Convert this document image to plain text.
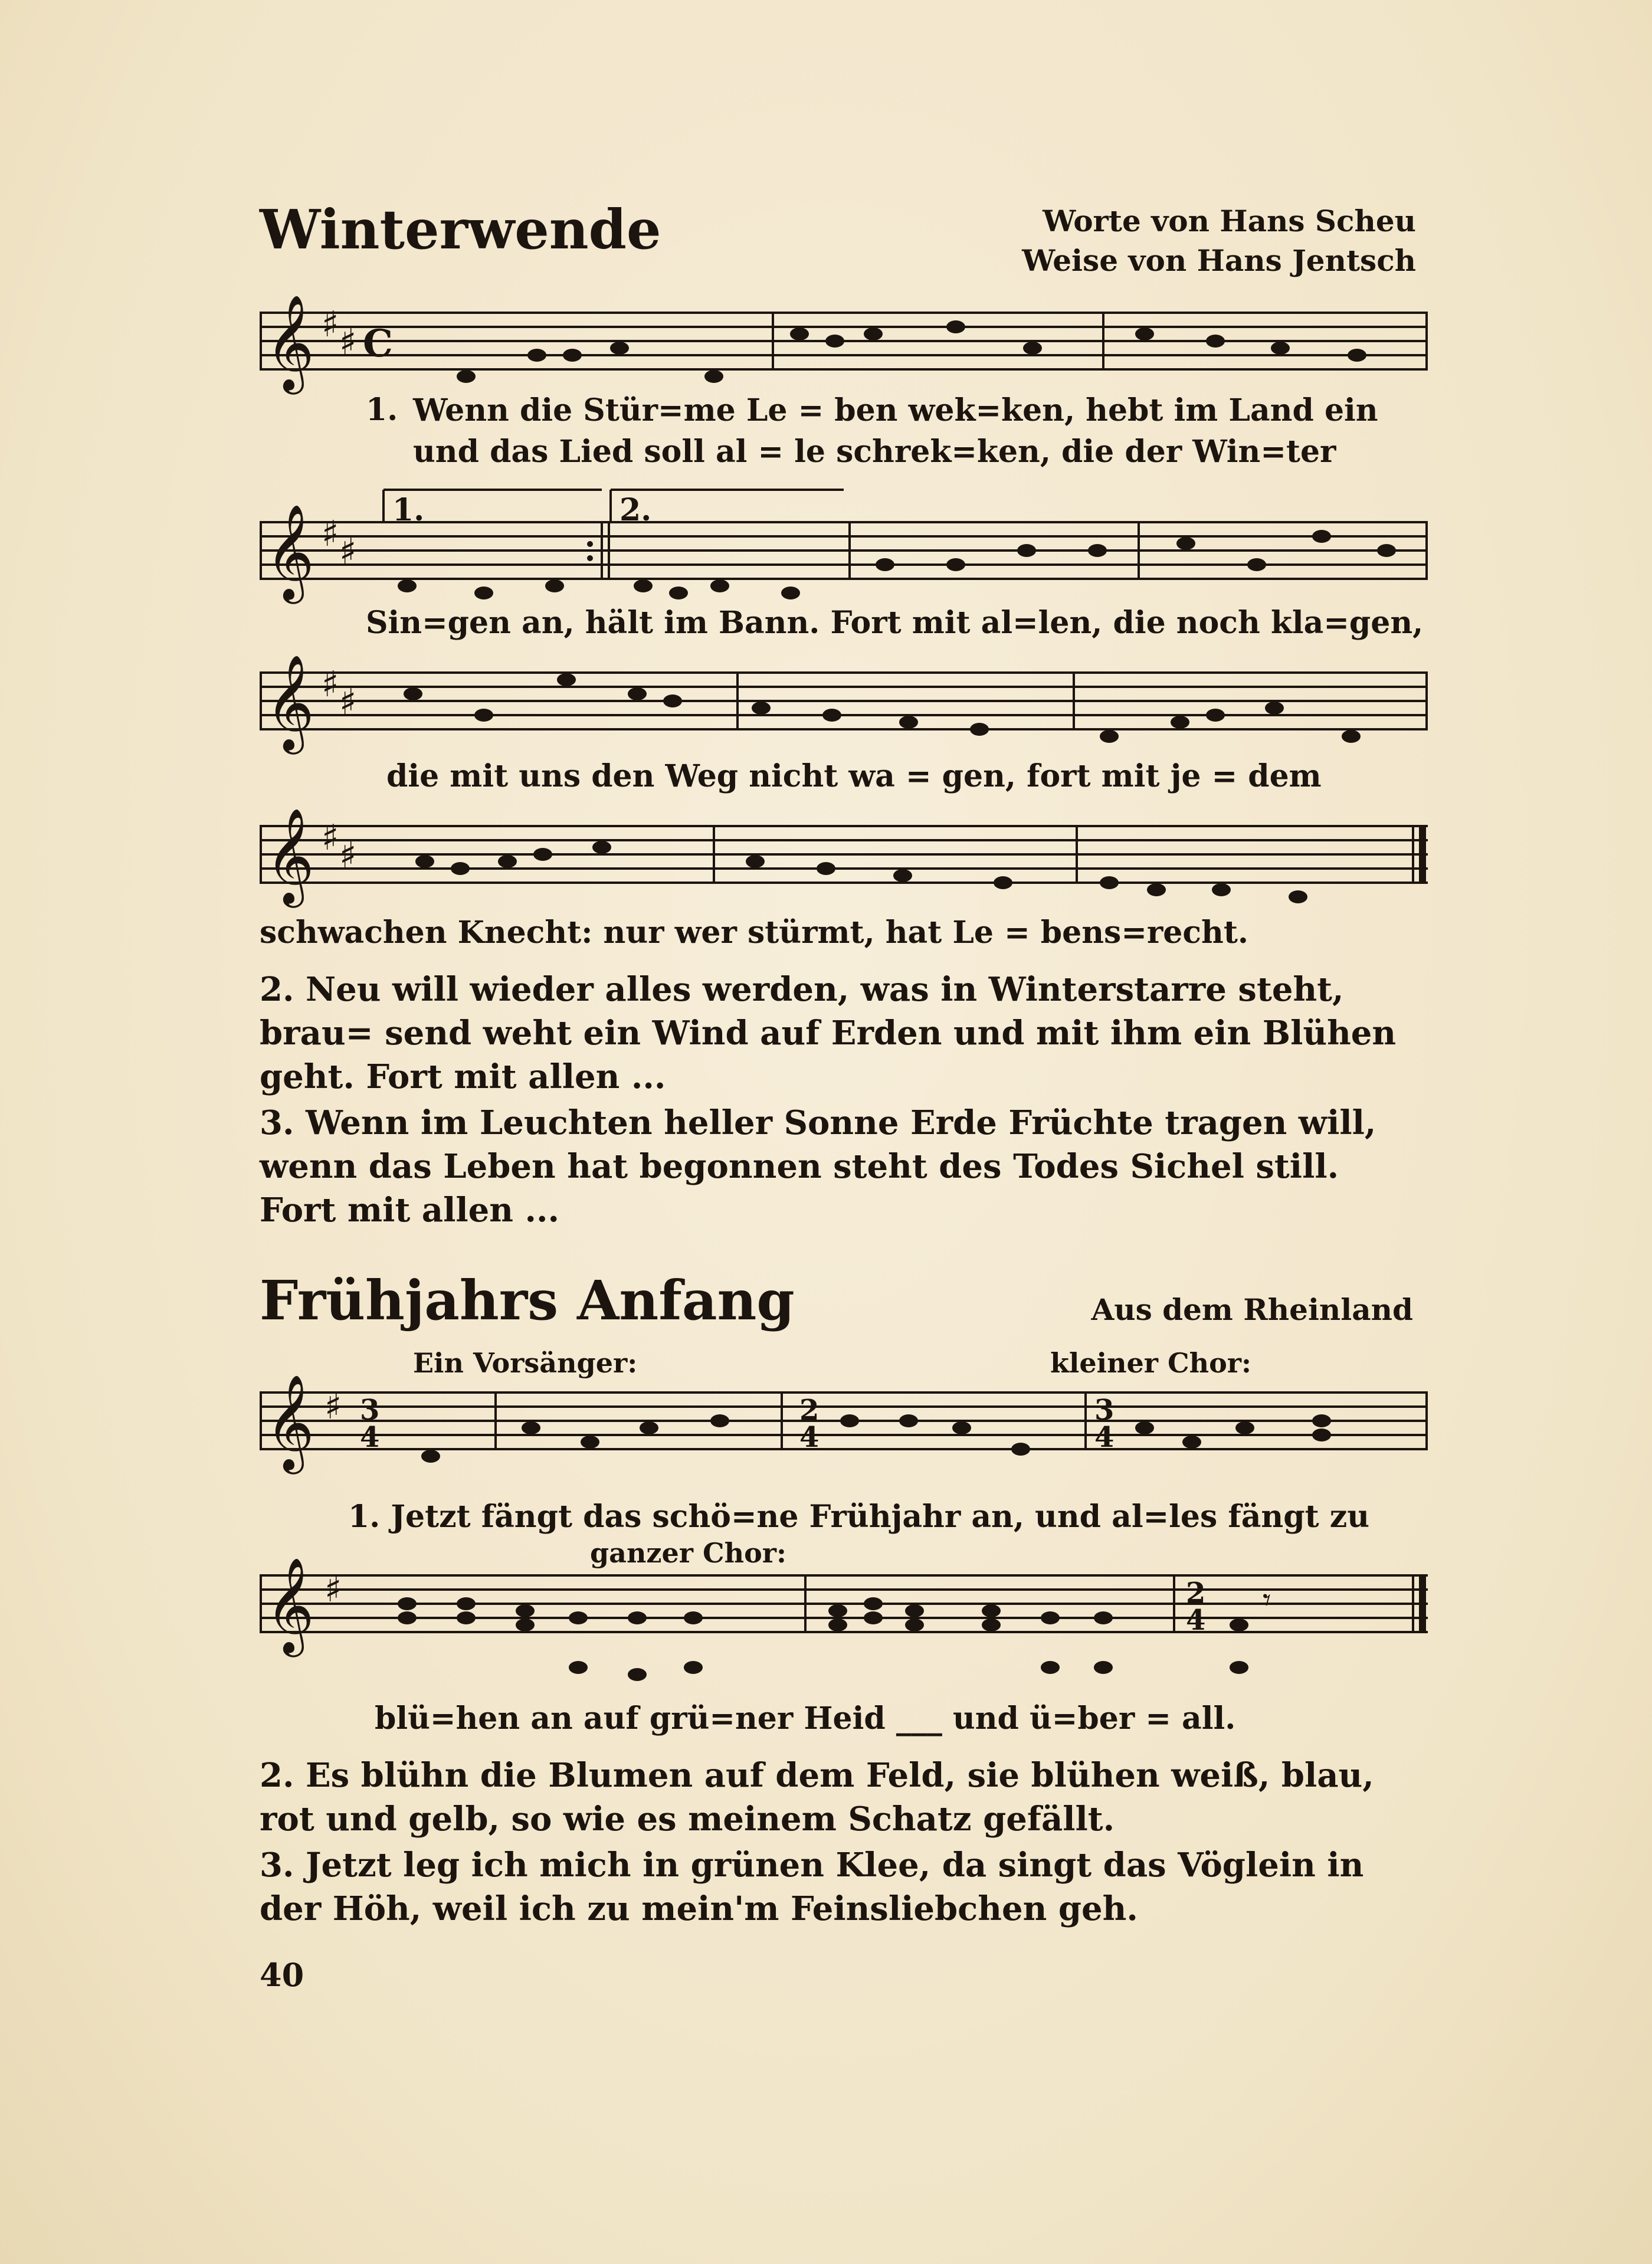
Winterwende	Worte von Hans Scheu
Weise von Hans Jentsch
𝄞 ♯ ♯ C
1. Wenn die Stür=me Le = ben wek=ken, hebt im Land ein
und das Lied soll al = le schrek=ken, die der Win=ter
1.	2.
𝄞 ♯ ♯
Sin=gen an, hält im Bann. Fort mit al=len, die noch kla=gen,
𝄞 ♯ ♯
die mit uns den Weg nicht wa = gen, fort mit je = dem
𝄞 ♯ ♯
schwachen Knecht: nur wer stürmt, hat Le = bens=recht.
2. Neu will wieder alles werden, was in Winterstarre steht, brau= send weht ein Wind auf Erden und mit ihm ein Blühen geht. Fort mit allen ...
3. Wenn im Leuchten heller Sonne Erde Früchte tragen will, wenn das Leben hat begonnen steht des Todes Sichel still. Fort mit allen ...
Frühjahrs Anfang	Aus dem Rheinland
Ein Vorsänger:	kleiner Chor:
𝄞 ♯ 3
4
2
4
3
4
1. Jetzt fängt das schö=ne Frühjahr an, und al=les fängt zu
ganzer Chor:
𝄞 ♯	2
4
𝄾
blü=hen an auf grü=ner Heid ___ und ü=ber = all.
2. Es blühn die Blumen auf dem Feld, sie blühen weiß, blau, rot und gelb, so wie es meinem Schatz gefällt.
3. Jetzt leg ich mich in grünen Klee, da singt das Vöglein in der Höh, weil ich zu mein'm Feinsliebchen geh.
40
